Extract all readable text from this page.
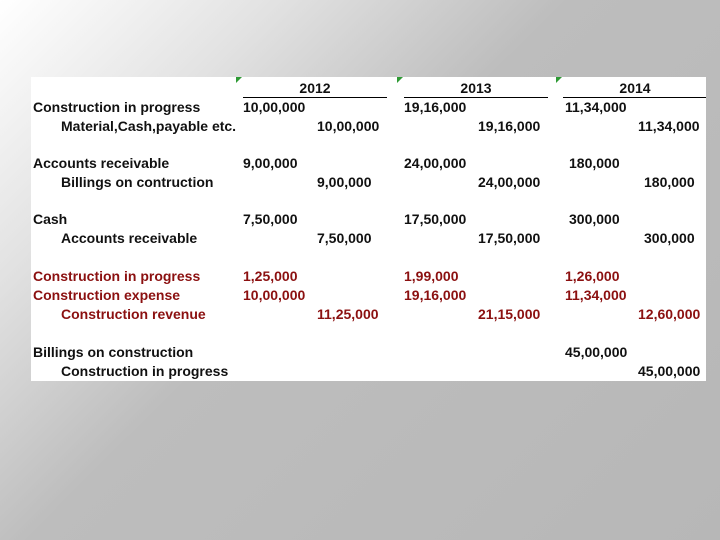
2012	2013	2014
Construction in progress
Material,Cash,payable etc.
10,00,000
10,00,000
19,16,000
19,16,000
11,34,000
11,34,000
Accounts receivable
Billings on contruction
9,00,000
9,00,000
24,00,000
24,00,000
180,000
180,000
Cash
Accounts receivable
7,50,000
7,50,000
17,50,000
17,50,000
300,000
300,000
Construction in progress
Construction expense
Construction revenue
1,25,000
10,00,000
11,25,000
1,99,000
19,16,000
21,15,000
1,26,000
11,34,000
12,60,000
Billings on construction
Construction in progress
45,00,000
45,00,000
